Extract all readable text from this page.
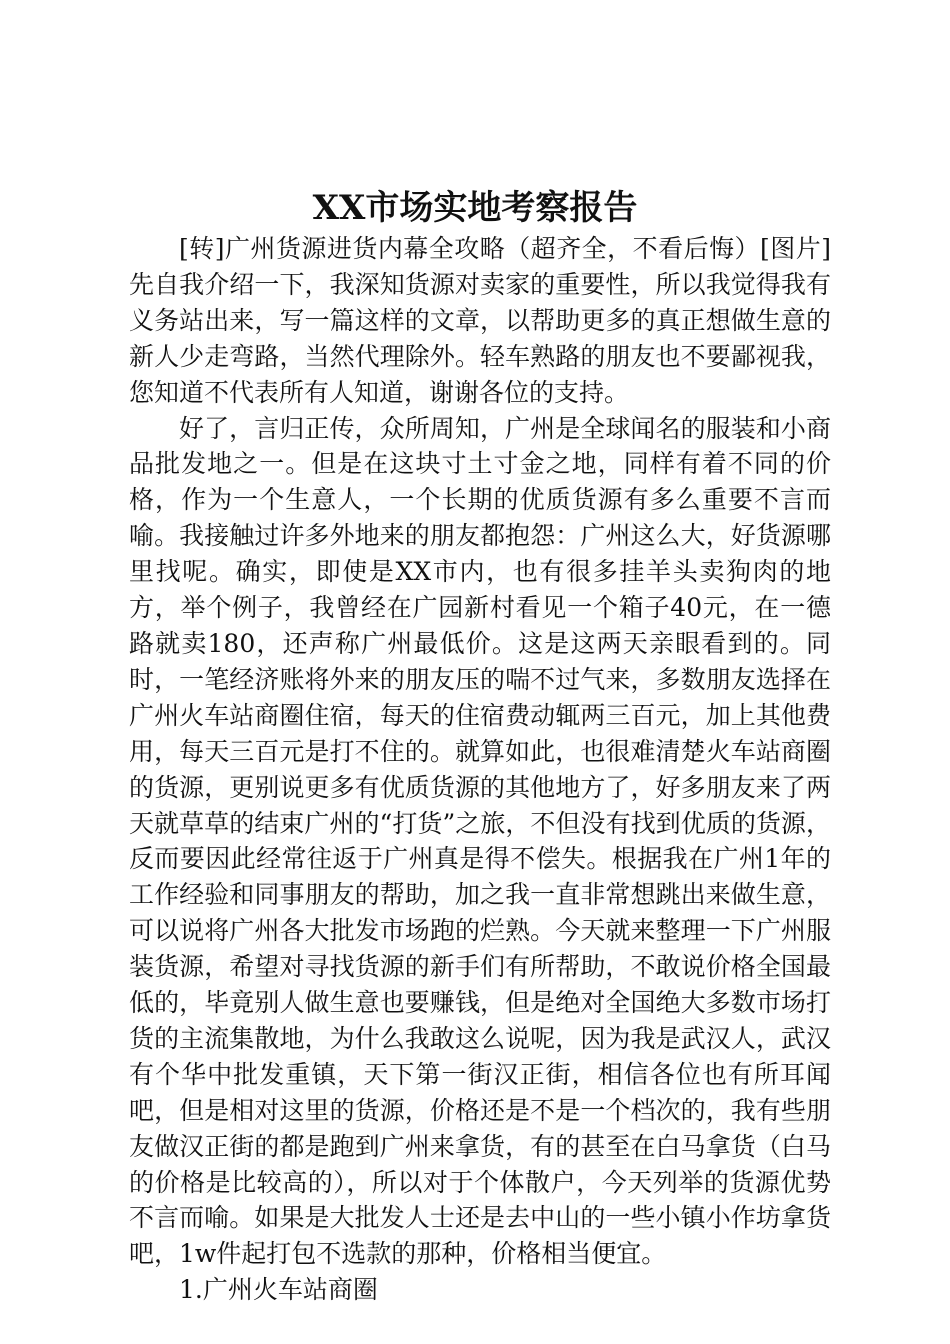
XX市场实地考察报告

[转]广州货源进货内幕全攻略（超齐全，不看后悔）[图片]先自我介绍一下，我深知货源对卖家的重要性，所以我觉得我有义务站出来，写一篇这样的文章，以帮助更多的真正想做生意的新人少走弯路，当然代理除外。轻车熟路的朋友也不要鄙视我，您知道不代表所有人知道，谢谢各位的支持。

好了，言归正传，众所周知，广州是全球闻名的服装和小商品批发地之一。但是在这块寸土寸金之地，同样有着不同的价格，作为一个生意人，一个长期的优质货源有多么重要不言而喻。我接触过许多外地来的朋友都抱怨：广州这么大，好货源哪里找呢。确实，即使是XX市内，也有很多挂羊头卖狗肉的地方，举个例子，我曾经在广园新村看见一个箱子40元，在一德路就卖180，还声称广州最低价。这是这两天亲眼看到的。同时，一笔经济账将外来的朋友压的喘不过气来，多数朋友选择在广州火车站商圈住宿，每天的住宿费动辄两三百元，加上其他费用，每天三百元是打不住的。就算如此，也很难清楚火车站商圈的货源，更别说更多有优质货源的其他地方了，好多朋友来了两天就草草的结束广州的“打货”之旅，不但没有找到优质的货源，反而要因此经常往返于广州真是得不偿失。根据我在广州1年的工作经验和同事朋友的帮助，加之我一直非常想跳出来做生意，可以说将广州各大批发市场跑的烂熟。今天就来整理一下广州服装货源，希望对寻找货源的新手们有所帮助，不敢说价格全国最低的，毕竟别人做生意也要赚钱，但是绝对全国绝大多数市场打货的主流集散地，为什么我敢这么说呢，因为我是武汉人，武汉有个华中批发重镇，天下第一街汉正街，相信各位也有所耳闻吧，但是相对这里的货源，价格还是不是一个档次的，我有些朋友做汉正街的都是跑到广州来拿货，有的甚至在白马拿货（白马的价格是比较高的），所以对于个体散户，今天列举的货源优势不言而喻。如果是大批发人士还是去中山的一些小镇小作坊拿货吧，1w件起打包不选款的那种，价格相当便宜。

1.广州火车站商圈
